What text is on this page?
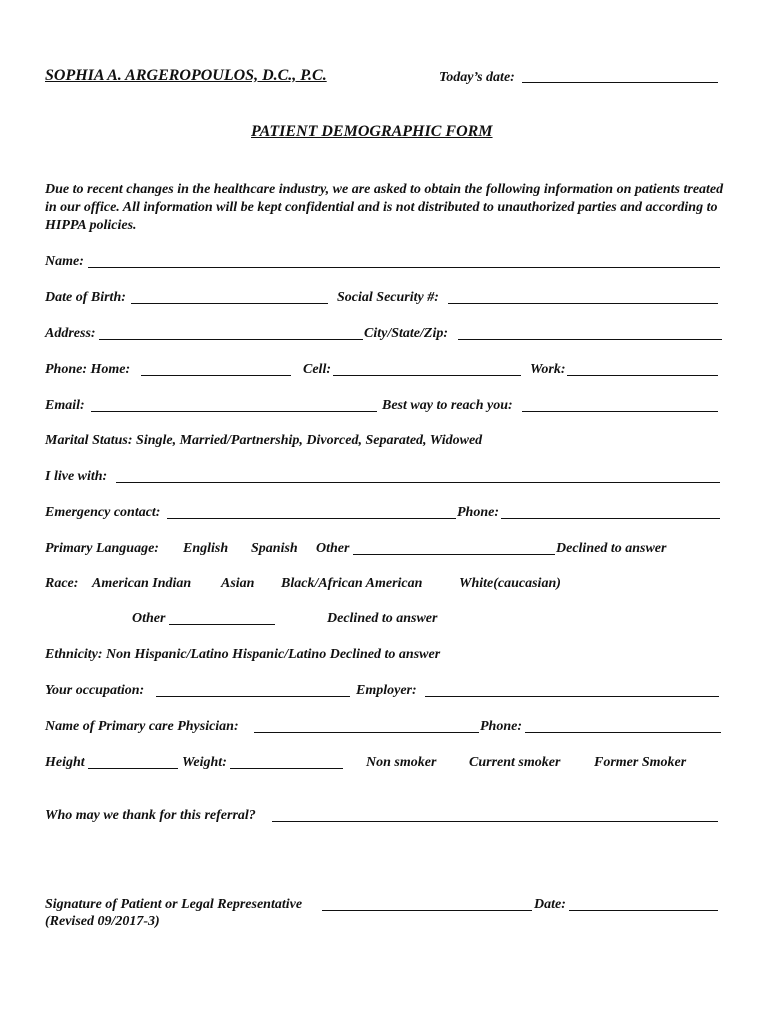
SOPHIA A. ARGEROPOULOS, D.C., P.C.	Today’s date:
PATIENT DEMOGRAPHIC FORM
Due to recent changes in the healthcare industry, we are asked to obtain the following information on patients treated in our office. All information will be kept confidential and is not distributed to unauthorized parties and according to HIPPA policies.
Name:
Date of Birth:	Social Security #:
Address:	City/State/Zip:
Phone: Home:	Cell:	Work:
Email:	Best way to reach you:
Marital Status: Single, Married/Partnership, Divorced, Separated, Widowed
I live with:
Emergency contact:	Phone:
Primary Language: English Spanish Other	Declined to answer
Race: American Indian Asian Black/African American	White(caucasian)
Other	Declined to answer
Ethnicity: Non Hispanic/Latino Hispanic/Latino Declined to answer
Your occupation:	Employer:
Name of Primary care Physician:	Phone:
Height	Weight:	Non smoker Current smoker Former Smoker
Who may we thank for this referral?
Signature of Patient or Legal Representative	Date:
(Revised 09/2017-3)
